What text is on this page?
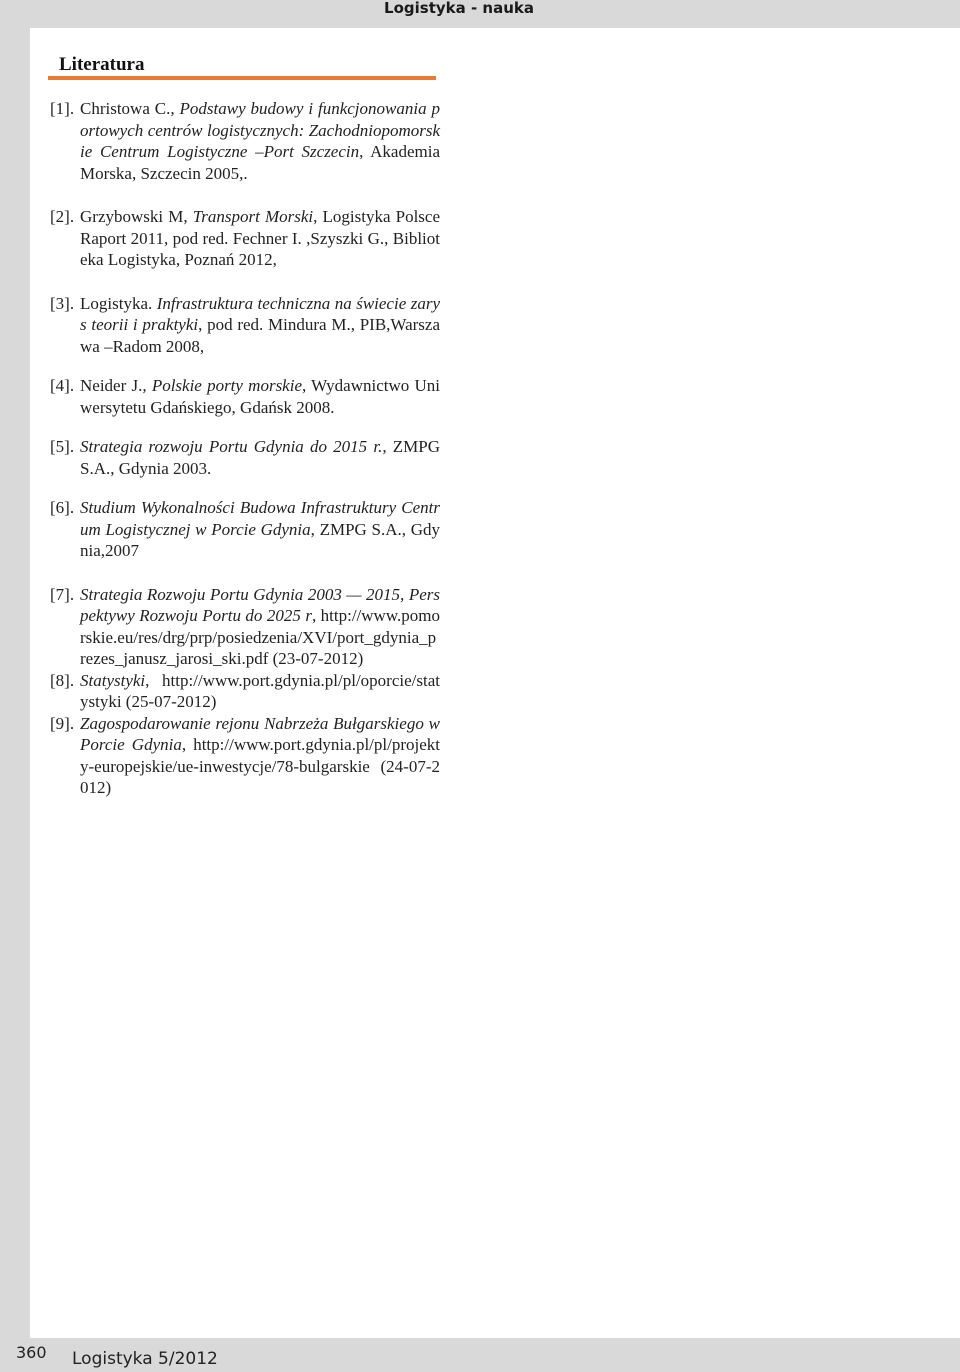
Logistyka - nauka
Literatura
[1]. Christowa C., Podstawy budowy i funkcjonowania portowych centrów logistycznych: Zachodniopomorskie Centrum Logistyczne –Port Szczecin, Akademia Morska, Szczecin 2005,.
[2]. Grzybowski M, Transport Morski, Logistyka Polsce Raport 2011, pod red. Fechner I. ,Szyszki G., Biblioteka Logistyka, Poznań 2012,
[3]. Logistyka. Infrastruktura techniczna na świecie zarys teorii i praktyki, pod red. Mindura M., PIB,Warszawa –Radom 2008,
[4]. Neider J., Polskie porty morskie, Wydawnictwo Uniwersytetu Gdańskiego, Gdańsk 2008.
[5]. Strategia rozwoju Portu Gdynia do 2015 r., ZMPG S.A., Gdynia 2003.
[6]. Studium Wykonalności Budowa Infrastruktury Centrum Logistycznej w Porcie Gdynia, ZMPG S.A., Gdynia,2007
[7]. Strategia Rozwoju Portu Gdynia 2003 — 2015, Perspektywy Rozwoju Portu do 2025 r, http://www.pomorskie.eu/res/drg/prp/posiedzenia/XVI/port_gdynia_prezes_janusz_jarosi_ski.pdf (23-07-2012)
[8]. Statystyki, http://www.port.gdynia.pl/pl/oporcie/statystyki (25-07-2012)
[9]. Zagospodarowanie rejonu Nabrzeża Bułgarskiego w Porcie Gdynia, http://www.port.gdynia.pl/pl/projekty-europejskie/ue-inwestycje/78-bulgarskie (24-07-2012)
360 Logistyka 5/2012
